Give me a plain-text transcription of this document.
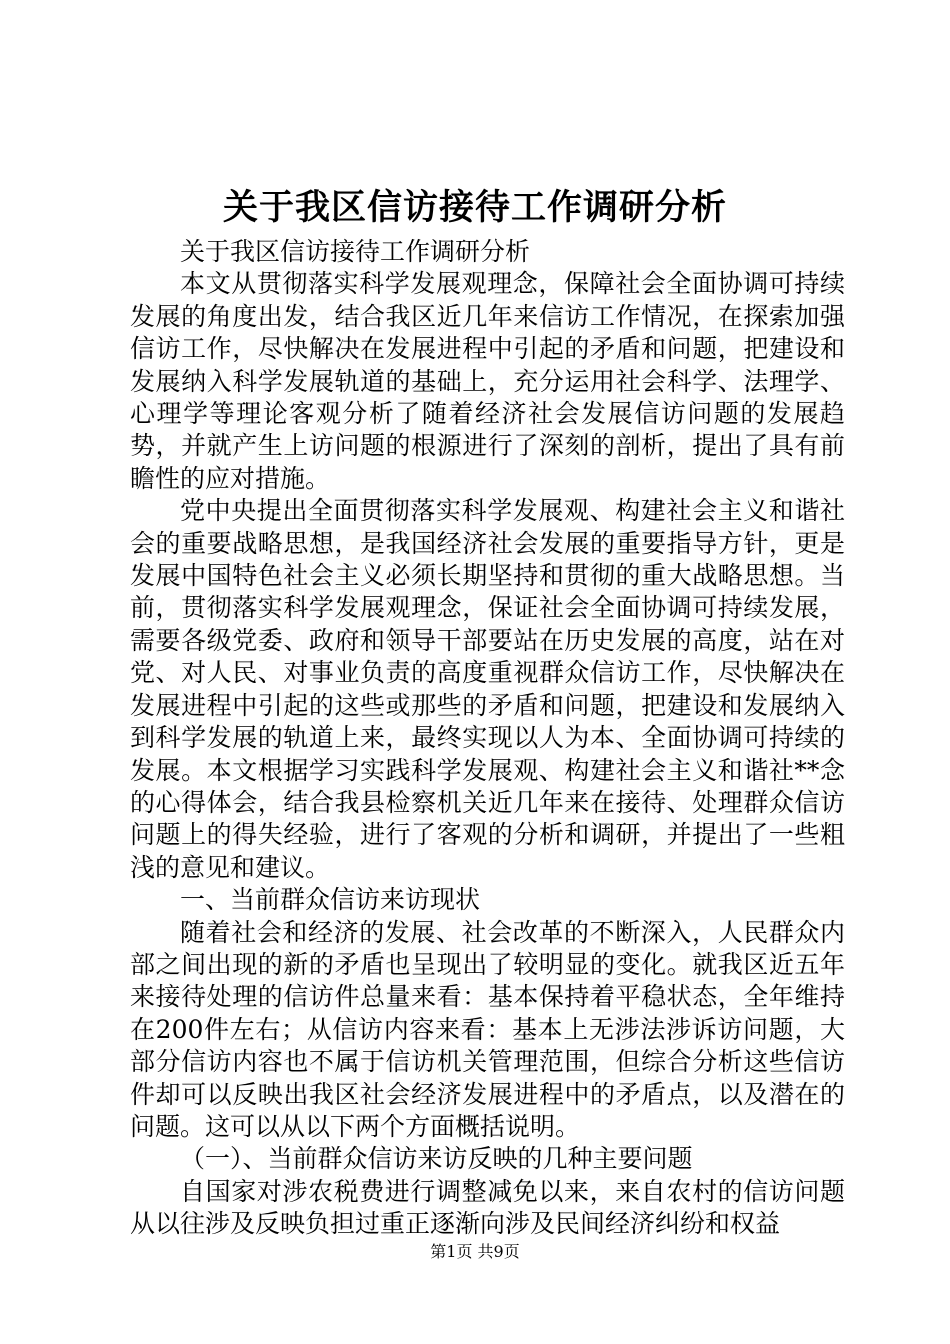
关于我区信访接待工作调研分析

关于我区信访接待工作调研分析

本文从贯彻落实科学发展观理念，保障社会全面协调可持续发展的角度出发，结合我区近几年来信访工作情况，在探索加强信访工作，尽快解决在发展进程中引起的矛盾和问题，把建设和发展纳入科学发展轨道的基础上，充分运用社会科学、法理学、心理学等理论客观分析了随着经济社会发展信访问题的发展趋势，并就产生上访问题的根源进行了深刻的剖析，提出了具有前瞻性的应对措施。

党中央提出全面贯彻落实科学发展观、构建社会主义和谐社会的重要战略思想，是我国经济社会发展的重要指导方针，更是发展中国特色社会主义必须长期坚持和贯彻的重大战略思想。当前，贯彻落实科学发展观理念，保证社会全面协调可持续发展，需要各级党委、政府和领导干部要站在历史发展的高度，站在对党、对人民、对事业负责的高度重视群众信访工作，尽快解决在发展进程中引起的这些或那些的矛盾和问题，把建设和发展纳入到科学发展的轨道上来，最终实现以人为本、全面协调可持续的发展。本文根据学习实践科学发展观、构建社会主义和谐社**念的心得体会，结合我县检察机关近几年来在接待、处理群众信访问题上的得失经验，进行了客观的分析和调研，并提出了一些粗浅的意见和建议。

一、当前群众信访来访现状

随着社会和经济的发展、社会改革的不断深入，人民群众内部之间出现的新的矛盾也呈现出了较明显的变化。就我区近五年来接待处理的信访件总量来看：基本保持着平稳状态，全年维持在200件左右；从信访内容来看：基本上无涉法涉诉访问题，大部分信访内容也不属于信访机关管理范围，但综合分析这些信访件却可以反映出我区社会经济发展进程中的矛盾点，以及潜在的问题。这可以从以下两个方面概括说明。

（一）、当前群众信访来访反映的几种主要问题

自国家对涉农税费进行调整减免以来，来自农村的信访问题从以往涉及反映负担过重正逐渐向涉及民间经济纠纷和权益

第1页 共9页
